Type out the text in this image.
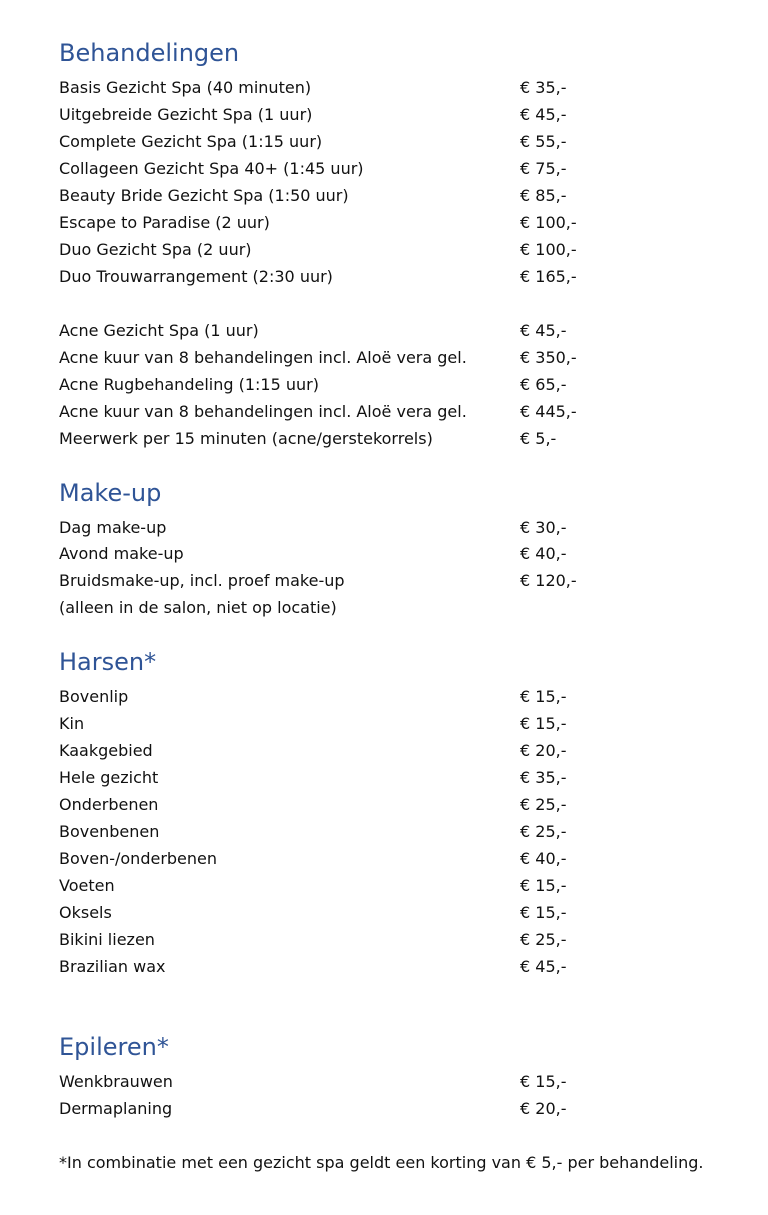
Behandelingen
Basis Gezicht Spa (40 minuten)	€ 35,-
Uitgebreide Gezicht Spa (1 uur)	€ 45,-
Complete Gezicht Spa (1:15 uur)	€ 55,-
Collageen Gezicht Spa 40+ (1:45 uur)	€ 75,-
Beauty Bride Gezicht Spa (1:50 uur)	€ 85,-
Escape to Paradise (2 uur)	€ 100,-
Duo Gezicht Spa (2 uur)	€ 100,-
Duo Trouwarrangement (2:30 uur)	€ 165,-
Acne Gezicht Spa (1 uur)	€ 45,-
Acne kuur van 8 behandelingen incl. Aloë vera gel.	€ 350,-
Acne Rugbehandeling (1:15 uur)	€ 65,-
Acne kuur van 8 behandelingen incl. Aloë vera gel.	€ 445,-
Meerwerk per 15 minuten (acne/gerstekorrels)	€ 5,-
Make-up
Dag make-up	€ 30,-
Avond make-up	€ 40,-
Bruidsmake-up, incl. proef make-up	€ 120,-
(alleen in de salon, niet op locatie)
Harsen*
Bovenlip	€ 15,-
Kin	€ 15,-
Kaakgebied	€ 20,-
Hele gezicht	€ 35,-
Onderbenen	€ 25,-
Bovenbenen	€ 25,-
Boven-/onderbenen	€ 40,-
Voeten	€ 15,-
Oksels	€ 15,-
Bikini liezen	€ 25,-
Brazilian wax	€ 45,-
Epileren*
Wenkbrauwen	€ 15,-
Dermaplaning	€ 20,-
*In combinatie met een gezicht spa geldt een korting van € 5,- per behandeling.
